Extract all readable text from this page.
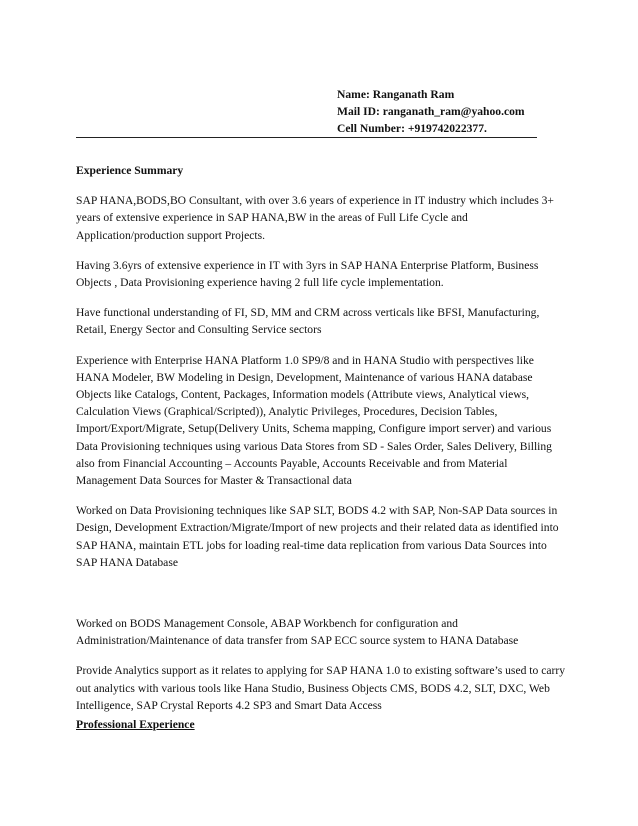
Name: Ranganath Ram
Mail ID: ranganath_ram@yahoo.com
Cell Number: +919742022377.
Experience Summary
SAP HANA,BODS,BO Consultant, with over 3.6 years of experience in IT industry which includes 3+ years of extensive experience in SAP HANA,BW in the areas of Full Life Cycle and Application/production support Projects.
Having 3.6yrs of extensive experience in IT with 3yrs in SAP HANA Enterprise Platform, Business Objects , Data Provisioning experience having 2 full life cycle implementation.
Have functional understanding of FI, SD, MM and CRM across verticals like BFSI, Manufacturing, Retail, Energy Sector and Consulting Service sectors
Experience with Enterprise HANA Platform 1.0 SP9/8 and in HANA Studio with perspectives like HANA Modeler, BW Modeling in Design, Development, Maintenance of various HANA database Objects like Catalogs, Content, Packages, Information models (Attribute views, Analytical views, Calculation Views (Graphical/Scripted)), Analytic Privileges, Procedures, Decision Tables, Import/Export/Migrate, Setup(Delivery Units, Schema mapping, Configure import server) and various Data Provisioning techniques using various Data Stores from SD - Sales Order, Sales Delivery, Billing also from Financial Accounting – Accounts Payable, Accounts Receivable and from Material Management Data Sources for Master & Transactional data
Worked on Data Provisioning techniques like SAP SLT, BODS 4.2 with SAP, Non-SAP Data sources in Design, Development Extraction/Migrate/Import of new projects and their related data as identified into SAP HANA, maintain ETL jobs for loading real-time data replication from various Data Sources into SAP HANA Database
Worked on BODS Management Console, ABAP Workbench for configuration and Administration/Maintenance of data transfer from SAP ECC source system to HANA Database
Provide Analytics support as it relates to applying for SAP HANA 1.0 to existing software’s used to carry out analytics with various tools like Hana Studio, Business Objects CMS, BODS 4.2, SLT, DXC, Web Intelligence, SAP Crystal Reports 4.2 SP3 and Smart Data Access
Professional Experience
